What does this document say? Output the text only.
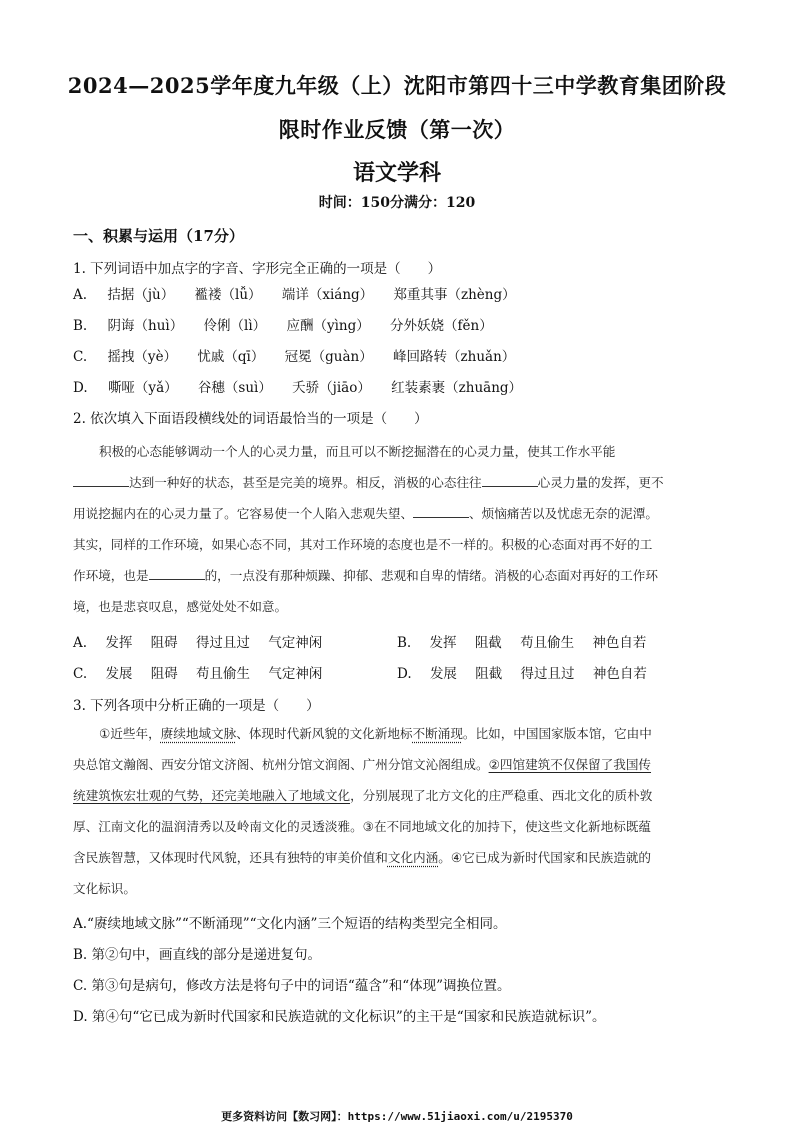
2024—2025学年度九年级（上）沈阳市第四十三中学教育集团阶段
限时作业反馈（第一次）
语文学科
时间：150分满分：120
一、积累与运用（17分）
1. 下列词语中加点字的字音、字形完全正确的一项是（　　）
A. 拮据（jù） 襤褛（lǚ） 端详（xiáng） 郑重其事（zhèng）
B. 阴诲（huì） 伶俐（lì） 应酬（yìng） 分外妖娆（fěn）
C. 摇拽（yè） 忧戚（qī） 冠冕（guàn） 峰回路转（zhuǎn）
D. 嘶哑（yǎ） 谷穗（suì） 夭骄（jiāo） 红装素裹（zhuāng）
2. 依次填入下面语段横线处的词语最恰当的一项是（　　）

积极的心态能够调动一个人的心灵力量，而且可以不断挖掘潜在的心灵力量，使其工作水平能

达到一种好的状态，甚至是完美的境界。相反，消极的心态往往	心灵力量的发挥，更不

用说挖掘内在的心灵力量了。它容易使一个人陷入悲观失望、	、烦恼痛苦以及忧虑无奈的泥潭。

其实，同样的工作环境，如果心态不同，其对工作环境的态度也是不一样的。积极的心态面对再不好的工

作环境，也是	的，一点没有那种烦躁、抑郁、悲观和自卑的情绪。消极的心态面对再好的工作环

境，也是悲哀叹息，感觉处处不如意。

A. 发挥 阻碍 得过且过 气定神闲	B. 发挥 阻截 苟且偷生 神色自若
C. 发展 阻碍 苟且偷生 气定神闲	D. 发展 阻截 得过且过 神色自若
3. 下列各项中分析正确的一项是（　　）

①近些年，赓续地域文脉、体现时代新风貌的文化新地标不断涌现。比如，中国国家版本馆，它由中

央总馆文瀚阁、西安分馆文济阁、杭州分馆文润阁、广州分馆文沁阁组成。②四馆建筑不仅保留了我国传

统建筑恢宏壮观的气势，还完美地融入了地域文化，分别展现了北方文化的庄严稳重、西北文化的质朴敦

厚、江南文化的温润清秀以及岭南文化的灵透淡雅。③在不同地域文化的加持下，使这些文化新地标既蕴

含民族智慧，又体现时代风貌，还具有独特的审美价值和文化内涵。④它已成为新时代国家和民族造就的

文化标识。

A.“赓续地域文脉”“不断涌现”“文化内涵”三个短语的结构类型完全相同。
B. 第②句中，画直线的部分是递进复句。
C. 第③句是病句，修改方法是将句子中的词语“蕴含”和“体现”调换位置。
D. 第④句“它已成为新时代国家和民族造就的文化标识”的主干是“国家和民族造就标识”。
更多资料访问【数习网】：https://www.51jiaoxi.com/u/2195370
